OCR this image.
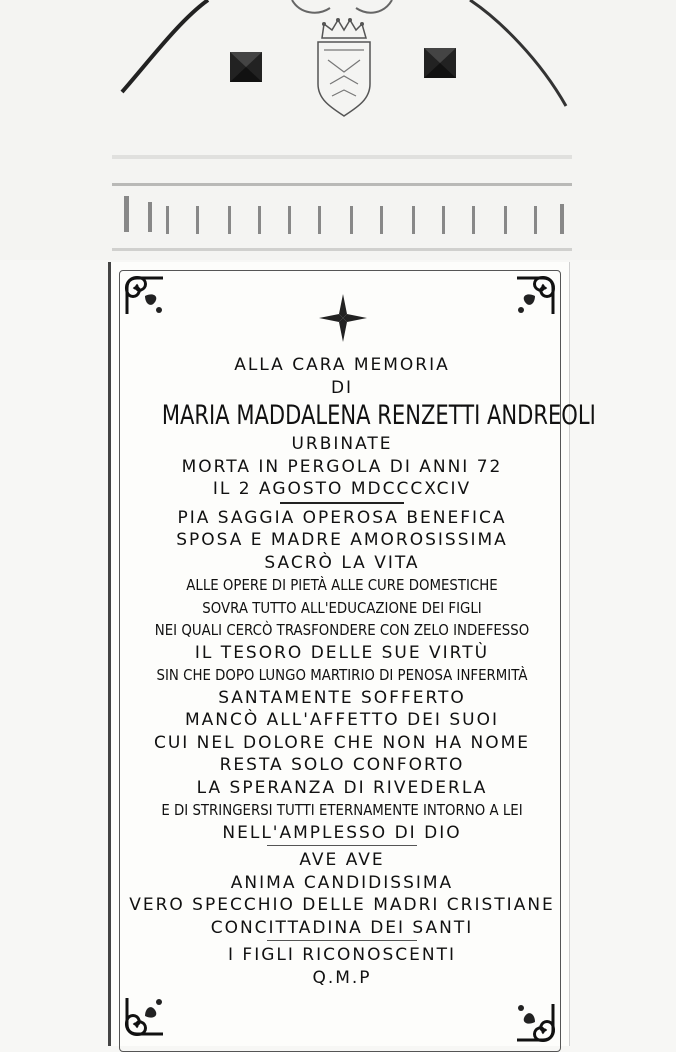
ALLA CARA MEMORIA
DI
MARIA MADDALENA RENZETTI ANDREOLI
URBINATE
MORTA IN PERGOLA DI ANNI 72
IL 2 AGOSTO MDCCCXCIV
PIA SAGGIA OPEROSA BENEFICA
SPOSA E MADRE AMOROSISSIMA
SACRÒ LA VITA
ALLE OPERE DI PIETÀ ALLE CURE DOMESTICHE
SOVRA TUTTO ALL'EDUCAZIONE DEI FIGLI
NEI QUALI CERCÒ TRASFONDERE CON ZELO INDEFESSO
IL TESORO DELLE SUE VIRTÙ
SIN CHE DOPO LUNGO MARTIRIO DI PENOSA INFERMITÀ
SANTAMENTE SOFFERTO
MANCÒ ALL'AFFETTO DEI SUOI
CUI NEL DOLORE CHE NON HA NOME
RESTA SOLO CONFORTO
LA SPERANZA DI RIVEDERLA
E DI STRINGERSI TUTTI ETERNAMENTE INTORNO A LEI
NELL'AMPLESSO DI DIO
AVE AVE
ANIMA CANDIDISSIMA
VERO SPECCHIO DELLE MADRI CRISTIANE
CONCITTADINA DEI SANTI
I FIGLI RICONOSCENTI
Q.M.P
